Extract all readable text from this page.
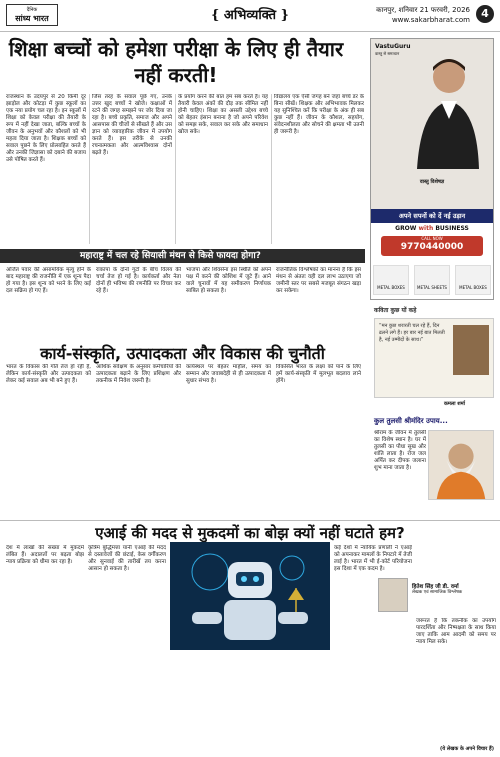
दैनिक
सांध्य भारत	{ अभिव्यक्ति }	कानपुर, शनिवार 21 फरवरी, 2026
www.sakarbharat.com	4
शिक्षा बच्चों को हमेशा परीक्षा के लिए ही तैयार नहीं करती!
राजस्थान के उदयपुर से 20 किमी दूर झाड़ोल और कोटड़ा में कुछ स्कूलों का एक नया प्रयोग चल रहा है। इन स्कूलों में शिक्षा को केवल परीक्षा की तैयारी के रूप में नहीं देखा जाता, बल्कि बच्चों के जीवन के अनुभवों और कौशलों को भी महत्व दिया जाता है। शिक्षक बच्चों को सवाल पूछने के लिए प्रोत्साहित करते हैं और उनकी जिज्ञासा को दबाने की बजाय उसे पोषित करते हैं।
जिस तरह के सवाल पूछे गए, उनके उत्तर खुद बच्चों ने खोजे। कक्षाओं में रटने की जगह समझने पर जोर दिया जा रहा है। बच्चे प्रकृति, समाज और अपने आसपास की चीजों से सीखते हैं और उस ज्ञान को व्यावहारिक जीवन में उपयोग करते हैं। इस तरीके से उनकी रचनात्मकता और आत्मविश्वास दोनों बढ़ते हैं।
के प्रयोग करने की बात हम सब करते हैं। यह तैयारी केवल अंकों की दौड़ तक सीमित नहीं होनी चाहिए। शिक्षा का असली उद्देश्य बच्चे को बेहतर इंसान बनाना है जो अपने परिवेश को समझ सके, सवाल कर सके और समाधान खोज सके।
विद्यालय एक ऐसी जगह बने जहां बच्चे डर के बिना सीखें। शिक्षक और अभिभावक मिलकर यह सुनिश्चित करें कि परीक्षा के अंक ही सब कुछ नहीं हैं। जीवन के कौशल, सहयोग, संवेदनशीलता और सोचने की क्षमता भी उतनी ही जरूरी है।
VastuGuru
वास्तु से समाधान
वास्तु विशेषज्ञ
अपने सपनों को दें नई उड़ान
GROW with BUSINESS
CALL NOW
9770440000
METAL BOXES	METAL SHEETS	METAL BOXES
महाराष्ट्र में चल रहे सियासी मंथन से किसे फायदा होगा?
अजित पवार की असामयिक मृत्यु होने के बाद महाराष्ट्र की राजनीति में एक शून्य पैदा हो गया है। इस शून्य को भरने के लिए कई दल सक्रिय हो गए हैं।
राकांपा के दोनों गुटों के बीच विलय की चर्चा तेज हो गई है। कार्यकर्ता और नेता दोनों ही भविष्य की रणनीति पर विचार कर रहे हैं।
भाजपा और शिवसेना इस स्थिति को अपने पक्ष में करने की कोशिश में जुटे हैं। आने वाले चुनावों में यह समीकरण निर्णायक साबित हो सकता है।
राजनीतिक विश्लेषकों का मानना है कि इस मंथन से अंततः वही दल लाभ उठाएगा जो जमीनी स्तर पर सबसे मजबूत संगठन खड़ा कर सकेगा।
कविता कुछ यों कहे
“मन कुछ शरारती चल रहे हैं, दिन ढलने लगे हैं। हर बार नई बात मिलती है, नई उम्मीदों के साथ।”
कमला शर्मा
कुल तुलसी श्रीमंदिर उपाय...
श्रीराम के जीवन में तुलसी का विशेष स्थान है। घर में तुलसी का पौधा सुख और शांति लाता है। रोज जल अर्पित कर दीपक जलाना शुभ माना जाता है।
कार्य-संस्कृति, उत्पादकता और विकास की चुनौती
भारत के विकास की गति तेज हो रही है, लेकिन कार्य-संस्कृति और उत्पादकता को लेकर कई सवाल अब भी बने हुए हैं।
आर्थिक सर्वेक्षण के अनुसार कर्मचारियों की उत्पादकता बढ़ाने के लिए प्रशिक्षण और तकनीक में निवेश जरूरी है।
कार्यस्थल पर बेहतर माहौल, समय का सम्मान और जवाबदेही से ही उत्पादकता में सुधार संभव है।
विकसित भारत के लक्ष्य को पाने के लिए हमें कार्य-संस्कृति में मूलभूत बदलाव लाने होंगे।
हितेश सिंह जी डी. वर्मा
लेखक एवं सामाजिक विश्लेषक
एआई की मदद से मुकदमों का बोझ क्यों नहीं घटाते हम?
देश में लाखों की संख्या में मुकदमे लंबित हैं। अदालतों पर बढ़ता बोझ न्याय प्रक्रिया को धीमा कर रहा है।
कृत्रिम बुद्धिमत्ता यानी एआई की मदद से दस्तावेजों की छंटाई, केस वर्गीकरण और सुनवाई की तारीखें तय करना आसान हो सकता है।
कई देशों में न्यायिक प्रणाली ने एआई को अपनाकर मामलों के निपटारे में तेजी लाई है। भारत में भी ई-कोर्ट परियोजना इस दिशा में एक कदम है।
जरूरत है कि तकनीक का उपयोग पारदर्शिता और निष्पक्षता के साथ किया जाए ताकि आम आदमी को समय पर न्याय मिल सके।
(ये लेखक के अपने विचार हैं)
